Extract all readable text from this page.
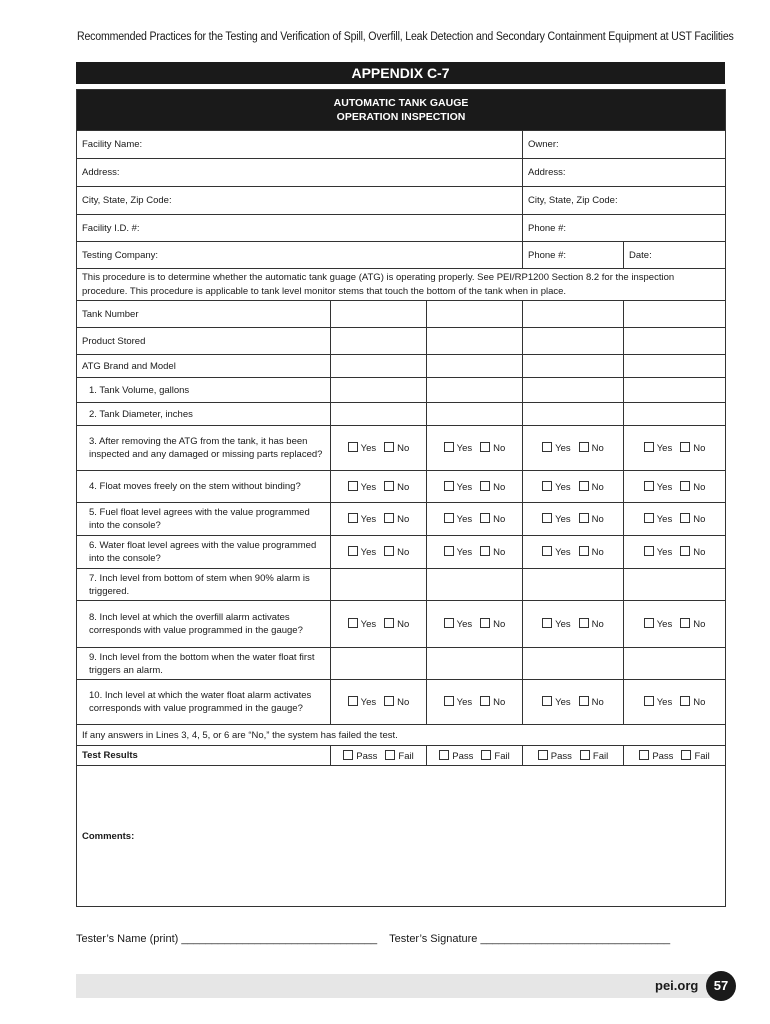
Recommended Practices for the Testing and Verification of Spill, Overfill, Leak Detection and Secondary Containment Equipment at UST Facilities
APPENDIX C-7
AUTOMATIC TANK GAUGE
OPERATION INSPECTION				

Facility Name:			Owner:	
Address:			Address:	
City, State, Zip Code:			City, State, Zip Code:	
Facility I.D. #:			Phone #:	
Testing Company:			Phone #:	Date:
This procedure is to determine whether the automatic tank guage (ATG) is operating properly. See PEI/RP1200 Section 8.2 for the inspection procedure. This procedure is applicable to tank level monitor stems that touch the bottom of the tank when in place.				
Tank Number				
Product Stored				
ATG Brand and Model				
1. Tank Volume, gallons				
2. Tank Diameter, inches				
3. After removing the ATG from the tank, it has been inspected and any damaged or missing parts replaced?	Yes No	Yes No	Yes No	Yes No
4. Float moves freely on the stem without binding?	Yes No	Yes No	Yes No	Yes No
5. Fuel float level agrees with the value programmed into the console?	Yes No	Yes No	Yes No	Yes No
6. Water float level agrees with the value programmed into the console?	Yes No	Yes No	Yes No	Yes No
7. Inch level from bottom of stem when 90% alarm is triggered.				
8. Inch level at which the overfill alarm activates corresponds with value programmed in the gauge?	Yes No	Yes No	Yes No	Yes No
9. Inch level from the bottom when the water float first triggers an alarm.				
10. Inch level at which the water float alarm activates corresponds with value programmed in the gauge?	Yes No	Yes No	Yes No	Yes No
If any answers in Lines 3, 4, 5, or 6 are “No,” the system has failed the test.				
Test Results	Pass Fail	Pass Fail	Pass Fail	Pass Fail
Comments:				
Tester’s Name (print) ________________________________ Tester’s Signature _______________________________
pei.org	57
